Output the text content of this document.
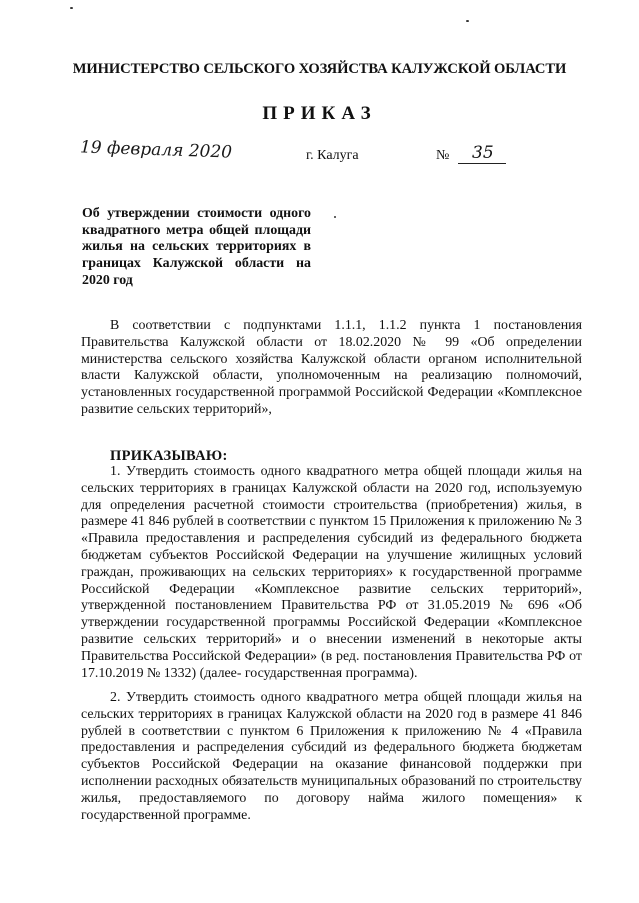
МИНИСТЕРСТВО СЕЛЬСКОГО ХОЗЯЙСТВА КАЛУЖСКОЙ ОБЛАСТИ
ПРИКАЗ
19 февраля 2020	г. Калуга	№ 35
Об утверждении стоимости одного квадратного метра общей площади жилья на сельских территориях в границах Калужской области на 2020 год
В соответствии с подпунктами 1.1.1, 1.1.2 пункта 1 постановления Правительства Калужской области от 18.02.2020 № 99 «Об определении министерства сельского хозяйства Калужской области органом исполнительной власти Калужской области, уполномоченным на реализацию полномочий, установленных государственной программой Российской Федерации «Комплексное развитие сельских территорий»,
ПРИКАЗЫВАЮ:
1. Утвердить стоимость одного квадратного метра общей площади жилья на сельских территориях в границах Калужской области на 2020 год, используемую для определения расчетной стоимости строительства (приобретения) жилья, в размере 41 846 рублей в соответствии с пунктом 15 Приложения к приложению № 3 «Правила предоставления и распределения субсидий из федерального бюджета бюджетам субъектов Российской Федерации на улучшение жилищных условий граждан, проживающих на сельских территориях» к государственной программе Российской Федерации «Комплексное развитие сельских территорий», утвержденной постановлением Правительства РФ от 31.05.2019 № 696 «Об утверждении государственной программы Российской Федерации «Комплексное развитие сельских территорий» и о внесении изменений в некоторые акты Правительства Российской Федерации» (в ред. постановления Правительства РФ от 17.10.2019 № 1332) (далее- государственная программа).
2. Утвердить стоимость одного квадратного метра общей площади жилья на сельских территориях в границах Калужской области на 2020 год в размере 41 846 рублей в соответствии с пунктом 6 Приложения к приложению № 4 «Правила предоставления и распределения субсидий из федерального бюджета бюджетам субъектов Российской Федерации на оказание финансовой поддержки при исполнении расходных обязательств муниципальных образований по строительству жилья, предоставляемого по договору найма жилого помещения» к государственной программе.
